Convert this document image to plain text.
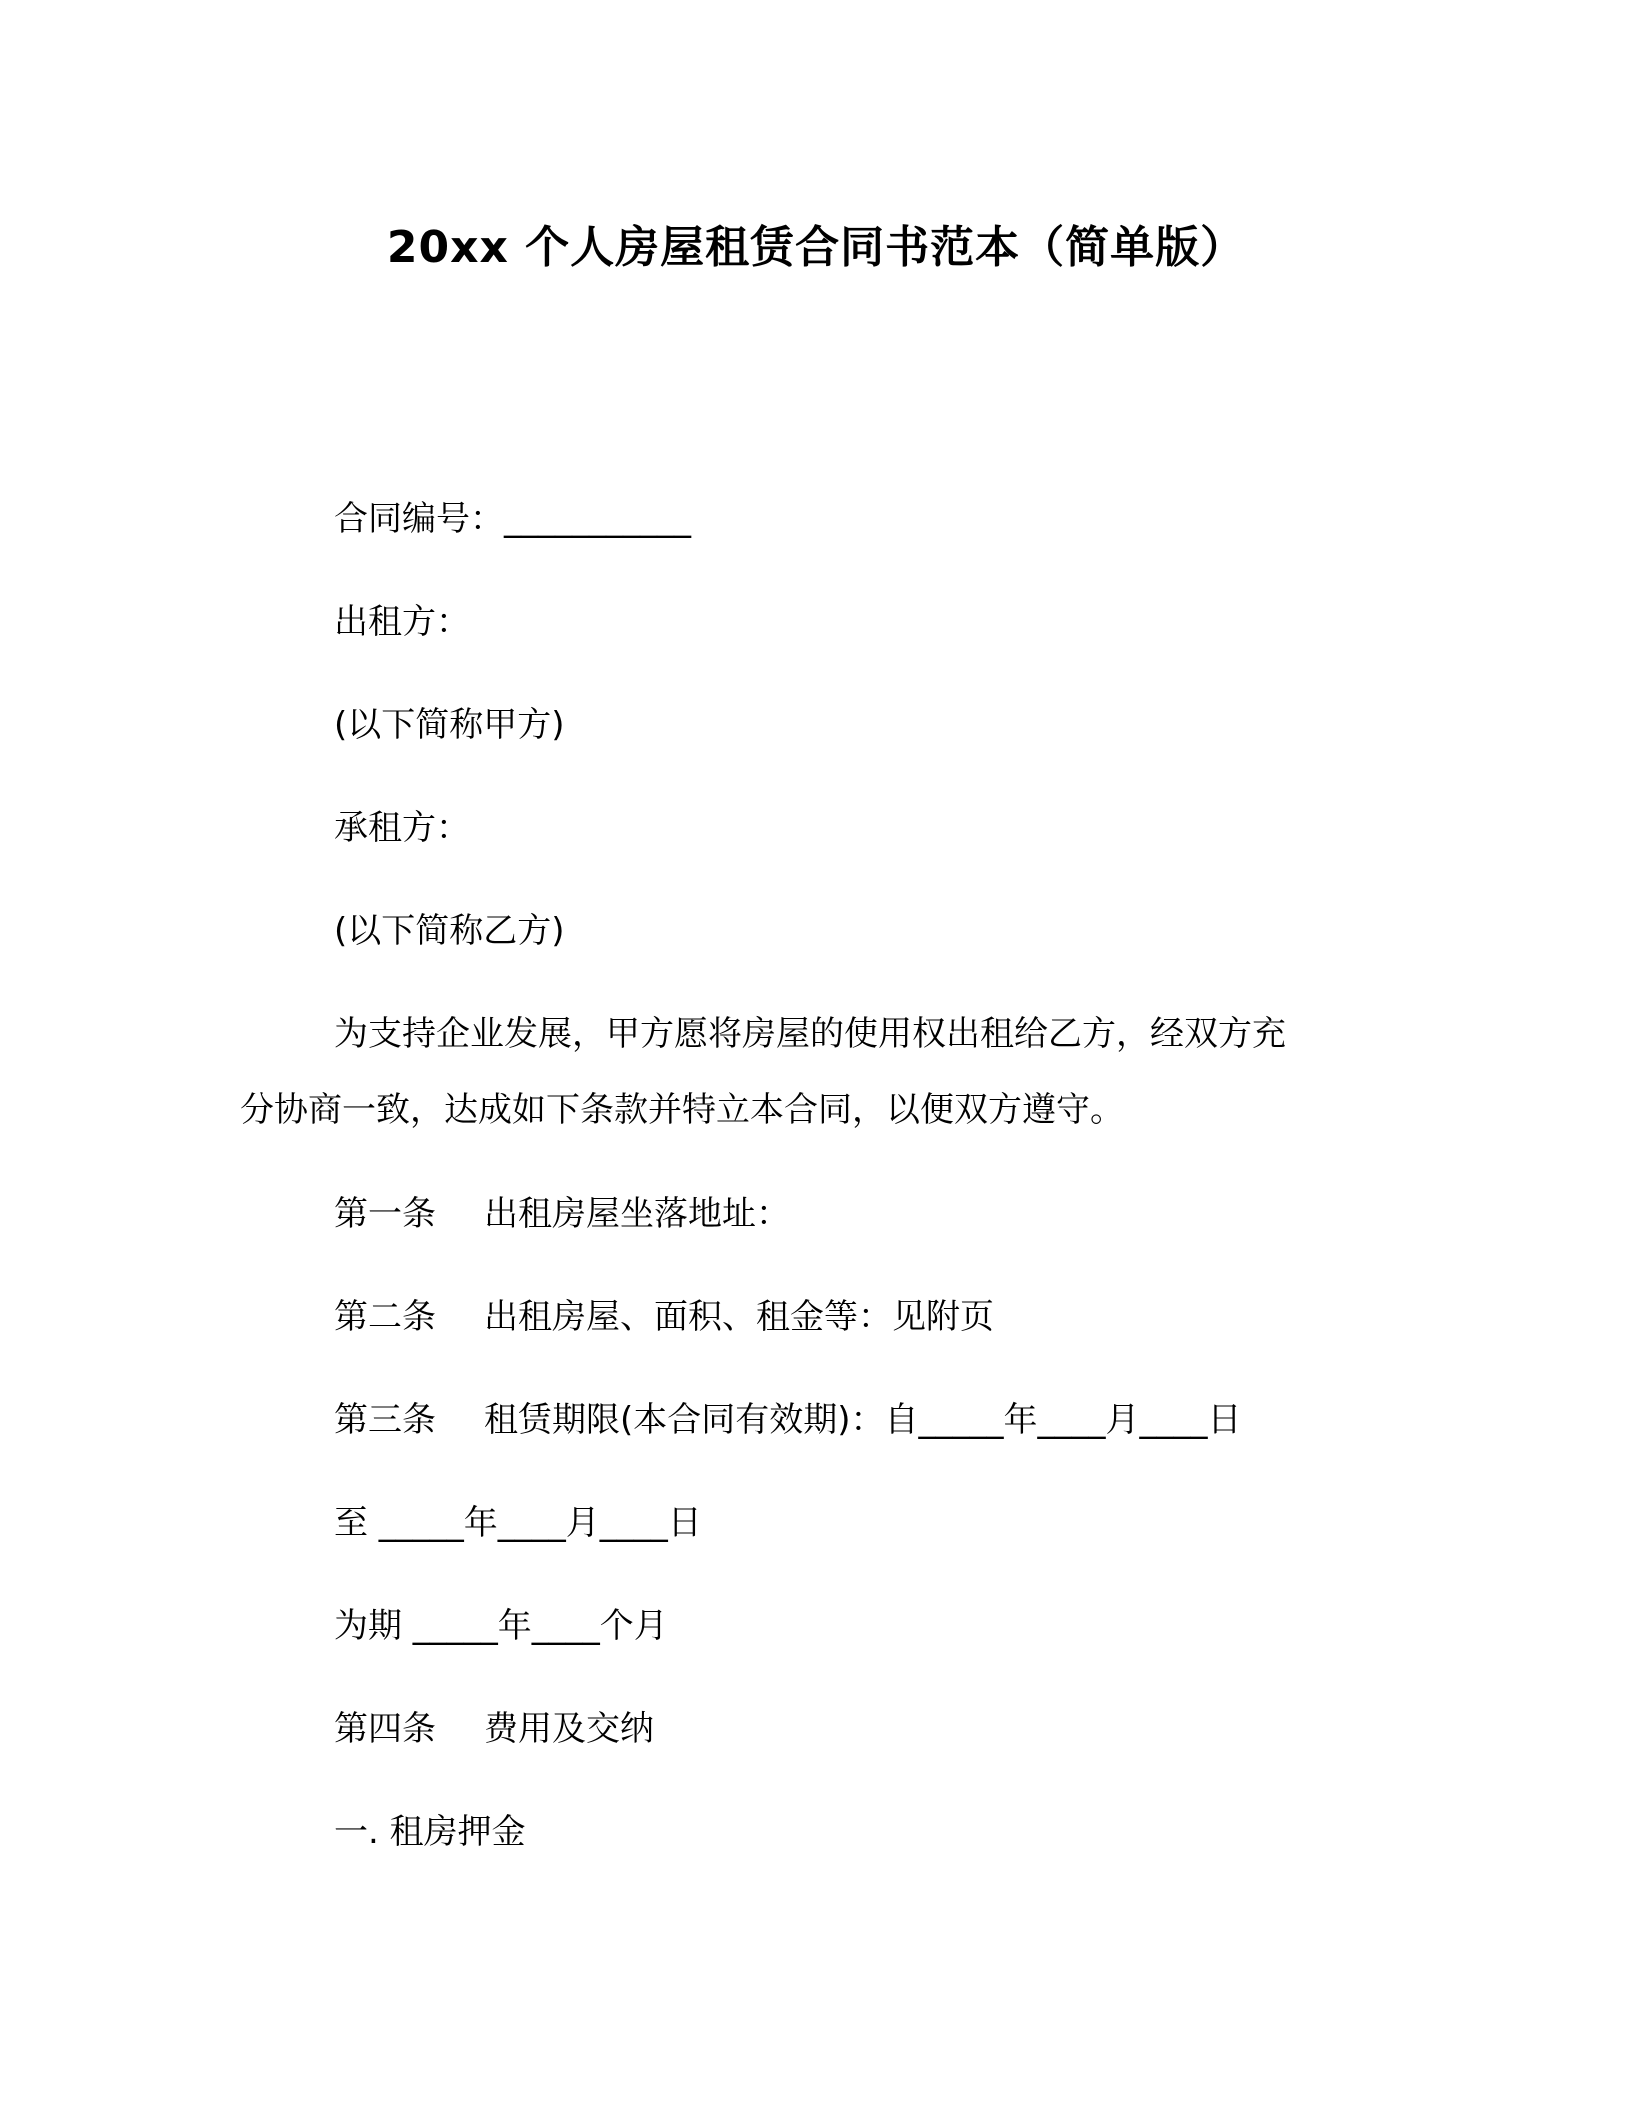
20xx 个人房屋租赁合同书范本（简单版）
合同编号：___________
出租方：
(以下简称甲方)
承租方：
(以下简称乙方)
为支持企业发展，甲方愿将房屋的使用权出租给乙方，经双方充
分协商一致，达成如下条款并特立本合同，以便双方遵守。
第一条 出租房屋坐落地址：
第二条 出租房屋、面积、租金等：见附页
第三条 租赁期限(本合同有效期)：自_____年____月____日
至 _____年____月____日
为期 _____年____个月
第四条 费用及交纳
一. 租房押金
